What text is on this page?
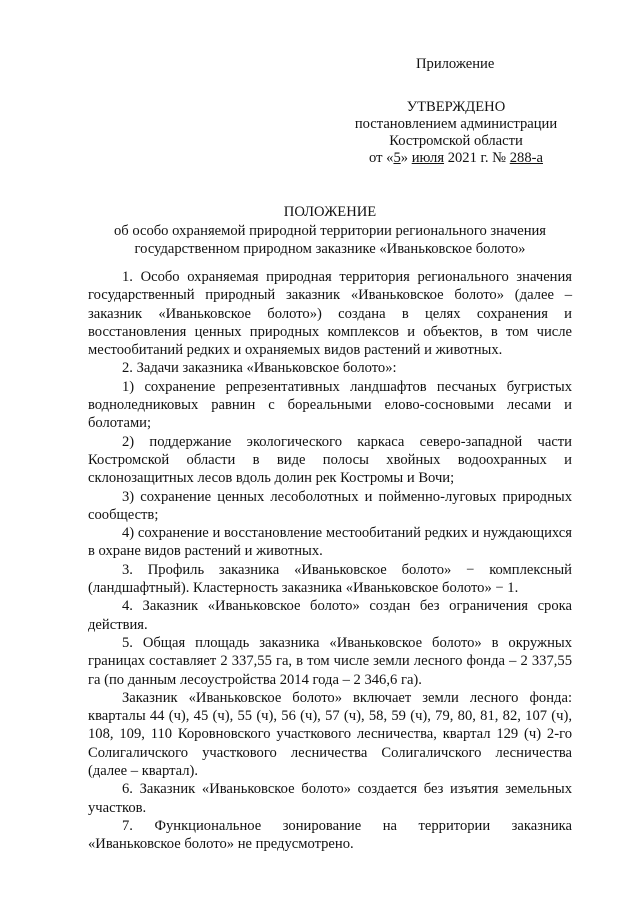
Приложение
УТВЕРЖДЕНО
постановлением администрации
Костромской области
от «5» июля 2021 г. № 288-а
ПОЛОЖЕНИЕ
об особо охраняемой природной территории регионального значения
государственном природном заказнике «Иваньковское болото»

1. Особо охраняемая природная территория регионального значения государственный природный заказник «Иваньковское болото» (далее – заказник «Иваньковское болото») создана в целях сохранения и восстановления ценных природных комплексов и объектов, в том числе местообитаний редких и охраняемых видов растений и животных.

2. Задачи заказника «Иваньковское болото»:

1) сохранение репрезентативных ландшафтов песчаных бугристых водноледниковых равнин с бореальными елово-сосновыми лесами и болотами;

2) поддержание экологического каркаса северо-западной части Костромской области в виде полосы хвойных водоохранных и склонозащитных лесов вдоль долин рек Костромы и Вочи;

3) сохранение ценных лесоболотных и пойменно-луговых природных сообществ;

4) сохранение и восстановление местообитаний редких и нуждающихся в охране видов растений и животных.

3. Профиль заказника «Иваньковское болото» − комплексный (ландшафтный). Кластерность заказника «Иваньковское болото» − 1.

4. Заказник «Иваньковское болото» создан без ограничения срока действия.

5. Общая площадь заказника «Иваньковское болото» в окружных границах составляет 2 337,55 га, в том числе земли лесного фонда – 2 337,55 га (по данным лесоустройства 2014 года – 2 346,6 га).

Заказник «Иваньковское болото» включает земли лесного фонда: кварталы 44 (ч), 45 (ч), 55 (ч), 56 (ч), 57 (ч), 58, 59 (ч), 79, 80, 81, 82, 107 (ч), 108, 109, 110 Коровновского участкового лесничества, квартал 129 (ч) 2-го Солигаличского участкового лесничества Солигаличского лесничества (далее – квартал).

6. Заказник «Иваньковское болото» создается без изъятия земельных участков.

7. Функциональное зонирование на территории заказника «Иваньковское болото» не предусмотрено.
